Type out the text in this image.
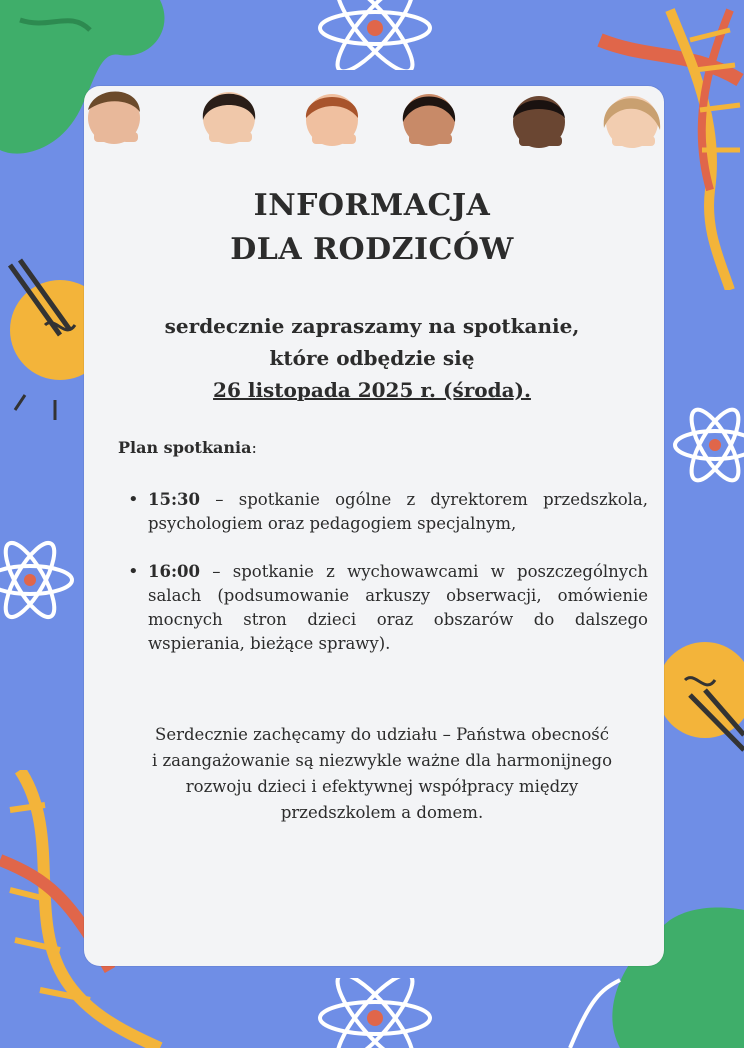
INFORMACJA
DLA RODZICÓW
serdecznie zapraszamy na spotkanie,
które odbędzie się
26 listopada 2025 r. (środa).
Plan spotkania:
• 15:30 – spotkanie ogólne z dyrektorem przedszkola, psychologiem oraz pedagogiem specjalnym,
• 16:00 – spotkanie z wychowawcami w poszczególnych salach (podsumowanie arkuszy obserwacji, omówienie mocnych stron dzieci oraz obszarów do dalszego wspierania, bieżące sprawy).
Serdecznie zachęcamy do udziału – Państwa obecność
i zaangażowanie są niezwykle ważne dla harmonijnego
rozwoju dzieci i efektywnej współpracy między
przedszkolem a domem.
